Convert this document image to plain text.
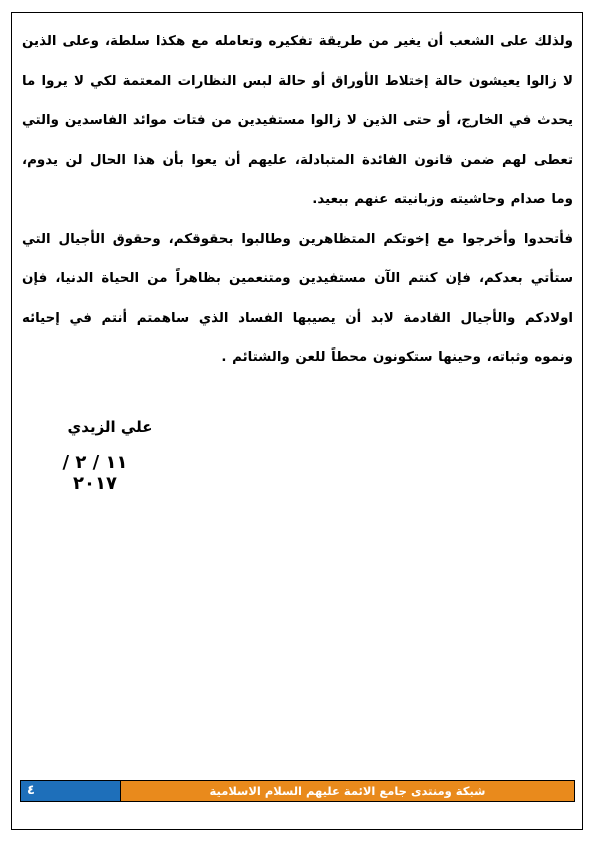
ولذلك على الشعب أن يغير من طريقة تفكيره وتعامله مع هكذا سلطة، وعلى الذين لا زالوا يعيشون حالة إختلاط الأوراق أو حالة لبس النظارات المعتمة لكي لا يروا ما يحدث في الخارج، أو حتى الذين لا زالوا مستفيدين من فتات موائد الفاسدين والتي تعطى لهم ضمن قانون الفائدة المتبادلة، عليهم أن يعوا بأن هذا الحال لن يدوم، وما صدام وحاشيته وزبانيته عنهم ببعيد.

فأتحدوا وأخرجوا مع إخوتكم المتظاهرين وطالبوا بحقوقكم، وحقوق الأجيال التي ستأتي بعدكم، فإن كنتم الآن مستفيدين ومتنعمين بظاهراً من الحياة الدنيا، فإن اولادكم والأجيال القادمة لابد أن يصيبها الفساد الذي ساهمتم أنتم في إحيائه ونموه وثباته، وحينها ستكونون محطاً للعن والشتائم .

علي الزيدي
١١ / ٢ / ٢٠١٧
٤	شبكة ومنتدى جامع الائمة عليهم السلام الاسلامية
